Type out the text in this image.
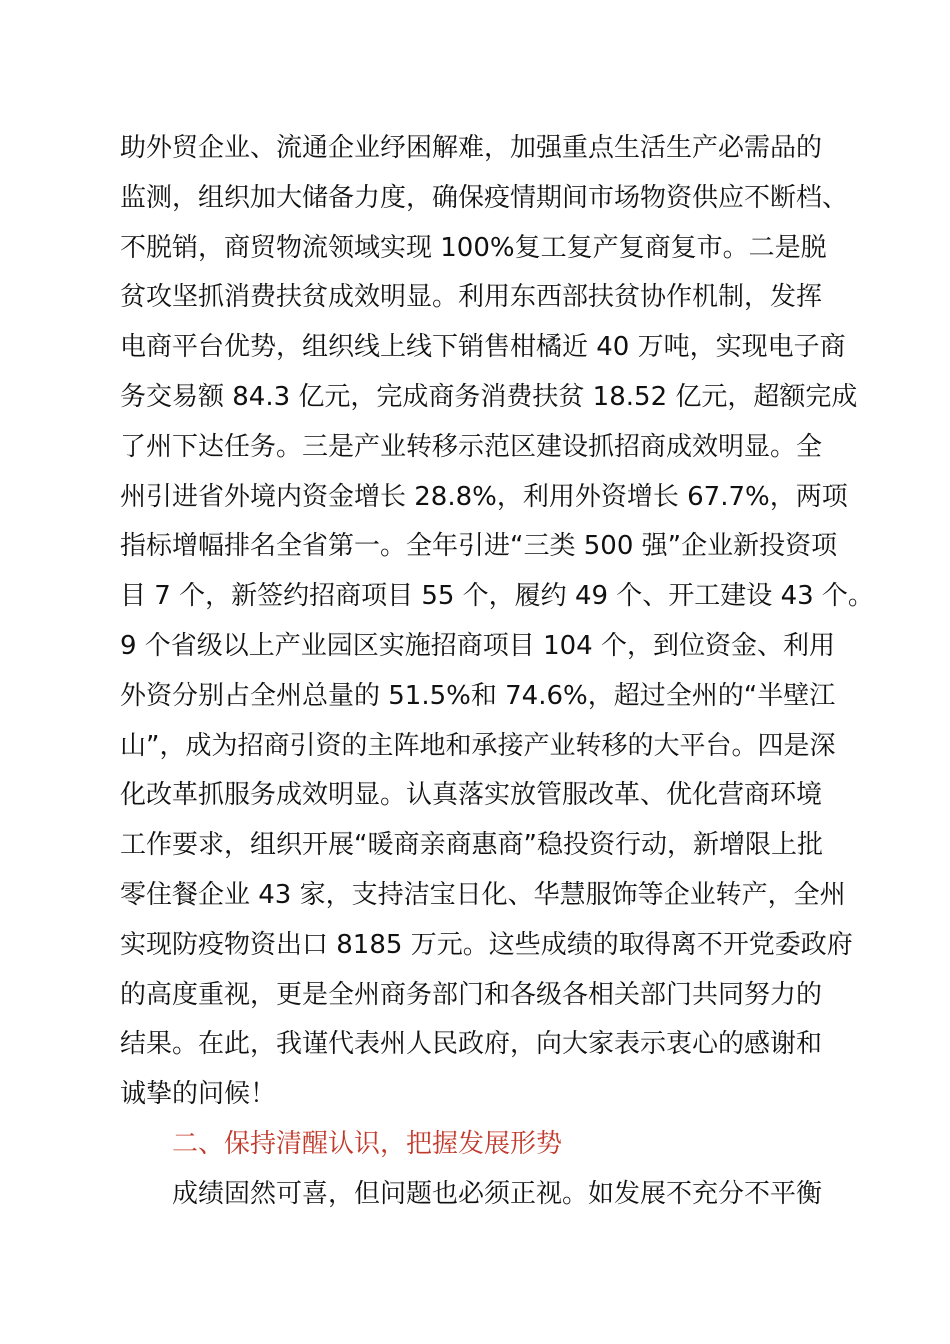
助外贸企业、流通企业纾困解难，加强重点生活生产必需品的
监测，组织加大储备力度，确保疫情期间市场物资供应不断档、
不脱销，商贸物流领域实现 100%复工复产复商复市。二是脱
贫攻坚抓消费扶贫成效明显。利用东西部扶贫协作机制，发挥
电商平台优势，组织线上线下销售柑橘近 40 万吨，实现电子商
务交易额 84.3 亿元，完成商务消费扶贫 18.52 亿元，超额完成
了州下达任务。三是产业转移示范区建设抓招商成效明显。全
州引进省外境内资金增长 28.8%，利用外资增长 67.7%，两项
指标增幅排名全省第一。全年引进“三类 500 强”企业新投资项
目 7 个，新签约招商项目 55 个，履约 49 个、开工建设 43 个。
9 个省级以上产业园区实施招商项目 104 个，到位资金、利用
外资分别占全州总量的 51.5%和 74.6%，超过全州的“半壁江
山”，成为招商引资的主阵地和承接产业转移的大平台。四是深
化改革抓服务成效明显。认真落实放管服改革、优化营商环境
工作要求，组织开展“暖商亲商惠商”稳投资行动，新增限上批
零住餐企业 43 家，支持洁宝日化、华慧服饰等企业转产，全州
实现防疫物资出口 8185 万元。这些成绩的取得离不开党委政府
的高度重视，更是全州商务部门和各级各相关部门共同努力的
结果。在此，我谨代表州人民政府，向大家表示衷心的感谢和
诚挚的问候！
二、保持清醒认识，把握发展形势
成绩固然可喜，但问题也必须正视。如发展不充分不平衡
